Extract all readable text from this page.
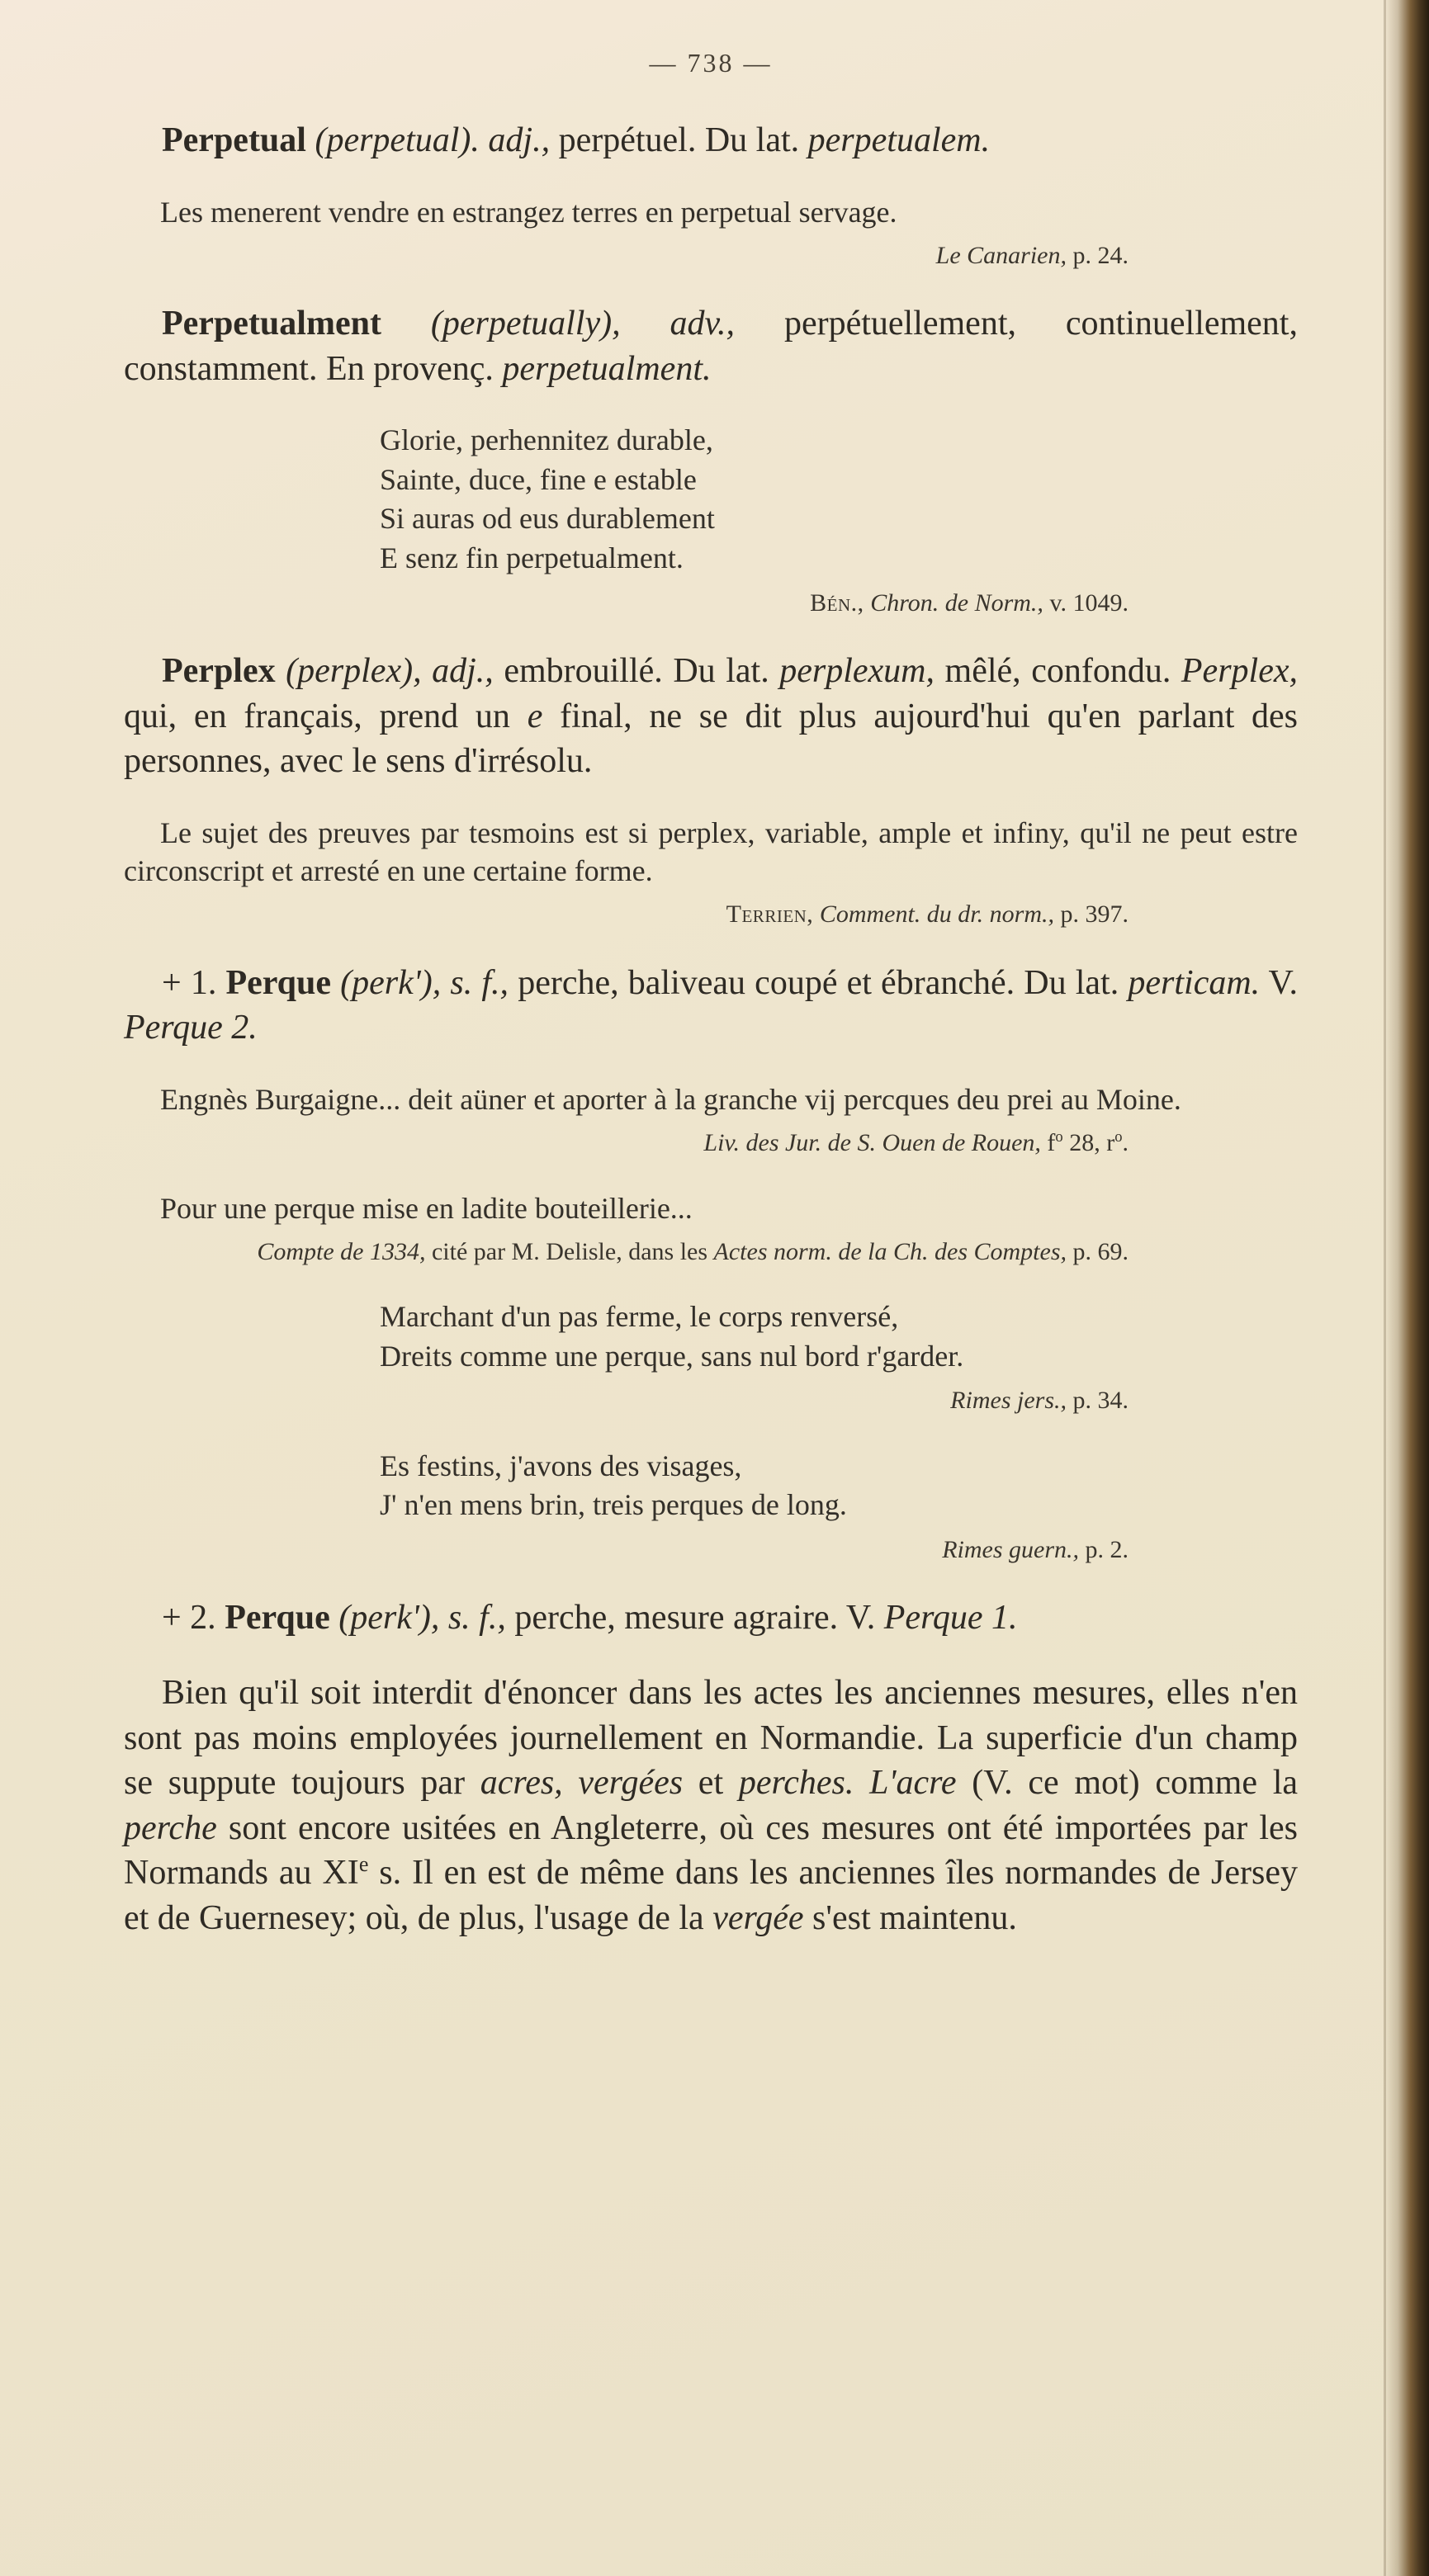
— 738 —

Perpetual (perpetual). adj., perpétuel. Du lat. perpetualem.

Les menerent vendre en estrangez terres en perpetual servage.

Le Canarien, p. 24.

Perpetualment (perpetually), adv., perpétuellement, continuellement, constamment. En provenç. perpetualment.

Glorie, perhennitez durable,
Sainte, duce, fine e estable
Si auras od eus durablement
E senz fin perpetualment.
Bén., Chron. de Norm., v. 1049.

Perplex (perplex), adj., embrouillé. Du lat. perplexum, mêlé, confondu. Perplex, qui, en français, prend un e final, ne se dit plus aujourd'hui qu'en parlant des personnes, avec le sens d'irrésolu.

Le sujet des preuves par tesmoins est si perplex, variable, ample et infiny, qu'il ne peut estre circonscript et arresté en une certaine forme.

Terrien, Comment. du dr. norm., p. 397.

+ 1. Perque (perk'), s. f., perche, baliveau coupé et ébranché. Du lat. perticam. V. Perque 2.

Engnès Burgaigne... deit aüner et aporter à la granche vij percques deu prei au Moine.

Liv. des Jur. de S. Ouen de Rouen, $f^o$ 28, $r^o$.

Pour une perque mise en ladite bouteillerie...

Compte de 1334, cité par M. Delisle, dans les Actes norm. de la Ch. des Comptes, p. 69.
Marchant d'un pas ferme, le corps renversé,
Dreits comme une perque, sans nul bord r'garder.
Rimes jers., p. 34.
Es festins, j'avons des visages,
J' n'en mens brin, treis perques de long.
Rimes guern., p. 2.

+ 2. Perque (perk'), s. f., perche, mesure agraire. V. Perque 1.

Bien qu'il soit interdit d'énoncer dans les actes les anciennes mesures, elles n'en sont pas moins employées journellement en Normandie. La superficie d'un champ se suppute toujours par acres, vergées et perches. L'acre (V. ce mot) comme la perche sont encore usitées en Angleterre, où ces mesures ont été importées par les Normands au XIe s. Il en est de même dans les anciennes îles normandes de Jersey et de Guernesey; où, de plus, l'usage de la vergée s'est maintenu.
